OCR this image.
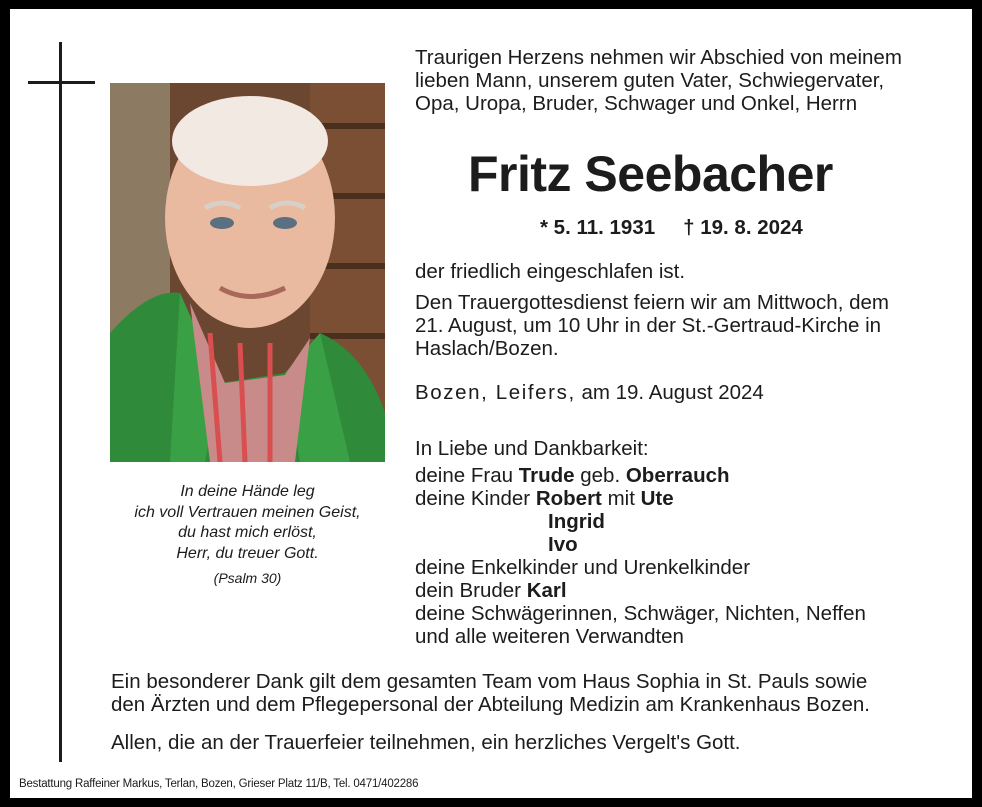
In deine Hände leg
ich voll Vertrauen meinen Geist,
du hast mich erlöst,
Herr, du treuer Gott.
(Psalm 30)
Traurigen Herzens nehmen wir Abschied von meinem
lieben Mann, unserem guten Vater, Schwiegervater,
Opa, Uropa, Bruder, Schwager und Onkel, Herrn
Fritz Seebacher
* 5. 11. 1931 † 19. 8. 2024
der friedlich eingeschlafen ist.
Den Trauergottesdienst feiern wir am Mittwoch, dem
21. August, um 10 Uhr in der St.-Gertraud-Kirche in
Haslach/Bozen.
Bozen, Leifers, am 19. August 2024
In Liebe und Dankbarkeit:
deine Frau Trude geb. Oberrauch
deine Kinder Robert mit Ute
Ingrid
Ivo
deine Enkelkinder und Urenkelkinder
dein Bruder Karl
deine Schwägerinnen, Schwäger, Nichten, Neffen
und alle weiteren Verwandten
Ein besonderer Dank gilt dem gesamten Team vom Haus Sophia in St. Pauls sowie
den Ärzten und dem Pflegepersonal der Abteilung Medizin am Krankenhaus Bozen.
Allen, die an der Trauerfeier teilnehmen, ein herzliches Vergelt's Gott.
Bestattung Raffeiner Markus, Terlan, Bozen, Grieser Platz 11/B, Tel. 0471/402286
